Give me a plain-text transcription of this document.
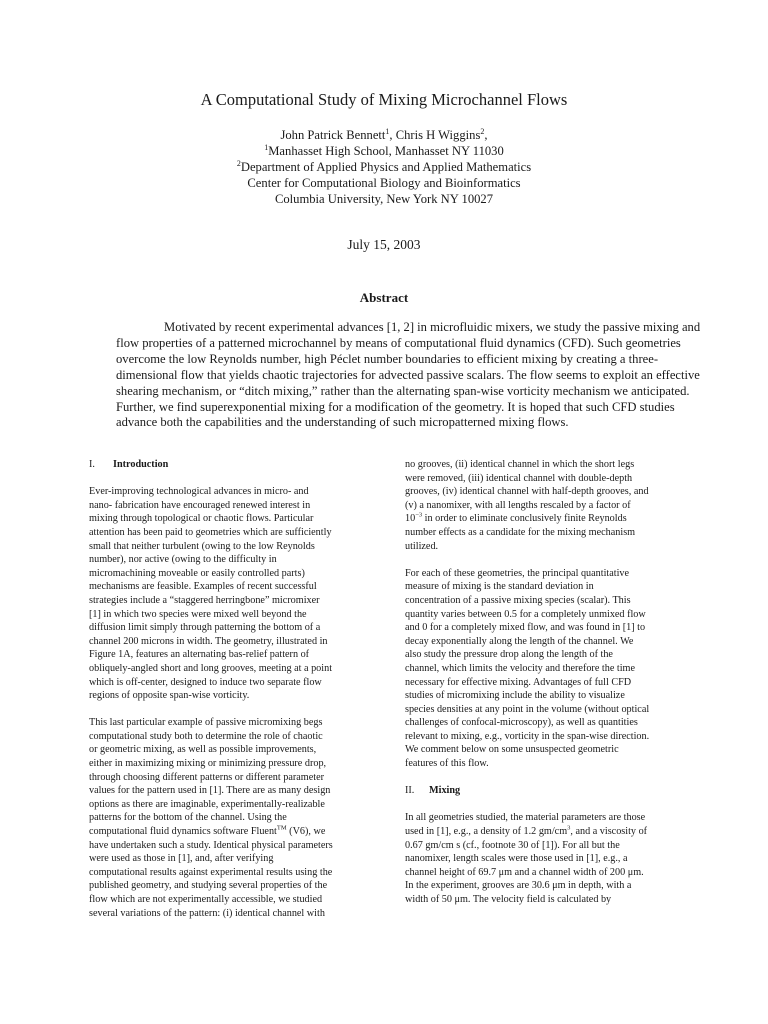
A Computational Study of Mixing Microchannel Flows
John Patrick Bennett$^1$, Chris H Wiggins$^2$,
$^1$Manhasset High School, Manhasset NY 11030
$^2$Department of Applied Physics and Applied Mathematics
Center for Computational Biology and Bioinformatics
Columbia University, New York NY 10027
July 15, 2003
Abstract
Motivated by recent experimental advances [1, 2] in microfluidic mixers, we study the passive mixing and
flow properties of a patterned microchannel by means of computational fluid dynamics (CFD). Such geometries
overcome the low Reynolds number, high Péclet number boundaries to efficient mixing by creating a three-
dimensional flow that yields chaotic trajectories for advected passive scalars. The flow seems to exploit an effective
shearing mechanism, or “ditch mixing,” rather than the alternating span-wise vorticity mechanism we anticipated.
Further, we find superexponential mixing for a modification of the geometry. It is hoped that such CFD studies
advance both the capabilities and the understanding of such micropatterned mixing flows.
I. Introduction
Ever-improving technological advances in micro- and
nano- fabrication have encouraged renewed interest in
mixing through topological or chaotic flows. Particular
attention has been paid to geometries which are sufficiently
small that neither turbulent (owing to the low Reynolds
number), nor active (owing to the difficulty in
micromachining moveable or easily controlled parts)
mechanisms are feasible. Examples of recent successful
strategies include a “staggered herringbone” micromixer
[1] in which two species were mixed well beyond the
diffusion limit simply through patterning the bottom of a
channel 200 microns in width. The geometry, illustrated in
Figure 1A, features an alternating bas-relief pattern of
obliquely-angled short and long grooves, meeting at a point
which is off-center, designed to induce two separate flow
regions of opposite span-wise vorticity.
This last particular example of passive micromixing begs
computational study both to determine the role of chaotic
or geometric mixing, as well as possible improvements,
either in maximizing mixing or minimizing pressure drop,
through choosing different patterns or different parameter
values for the pattern used in [1]. There are as many design
options as there are imaginable, experimentally-realizable
patterns for the bottom of the channel. Using the
computational fluid dynamics software Fluent™ (V6), we
have undertaken such a study. Identical physical parameters
were used as those in [1], and, after verifying
computational results against experimental results using the
published geometry, and studying several properties of the
flow which are not experimentally accessible, we studied
several variations of the pattern: (i) identical channel with
no grooves, (ii) identical channel in which the short legs
were removed, (iii) identical channel with double-depth
grooves, (iv) identical channel with half-depth grooves, and
(v) a nanomixer, with all lengths rescaled by a factor of
$10^{-3}$ in order to eliminate conclusively finite Reynolds
number effects as a candidate for the mixing mechanism
utilized.
For each of these geometries, the principal quantitative
measure of mixing is the standard deviation in
concentration of a passive mixing species (scalar). This
quantity varies between 0.5 for a completely unmixed flow
and 0 for a completely mixed flow, and was found in [1] to
decay exponentially along the length of the channel. We
also study the pressure drop along the length of the
channel, which limits the velocity and therefore the time
necessary for effective mixing. Advantages of full CFD
studies of micromixing include the ability to visualize
species densities at any point in the volume (without optical
challenges of confocal-microscopy), as well as quantities
relevant to mixing, e.g., vorticity in the span-wise direction.
We comment below on some unsuspected geometric
features of this flow.
II. Mixing
In all geometries studied, the material parameters are those
used in [1], e.g., a density of 1.2 $gm/cm^3$, and a viscosity of
0.67 gm/cm s (cf., footnote 30 of [1]). For all but the
nanomixer, length scales were those used in [1], e.g., a
channel height of 69.7 μm and a channel width of 200 μm.
In the experiment, grooves are 30.6 μm in depth, with a
width of 50 μm. The velocity field is calculated by
